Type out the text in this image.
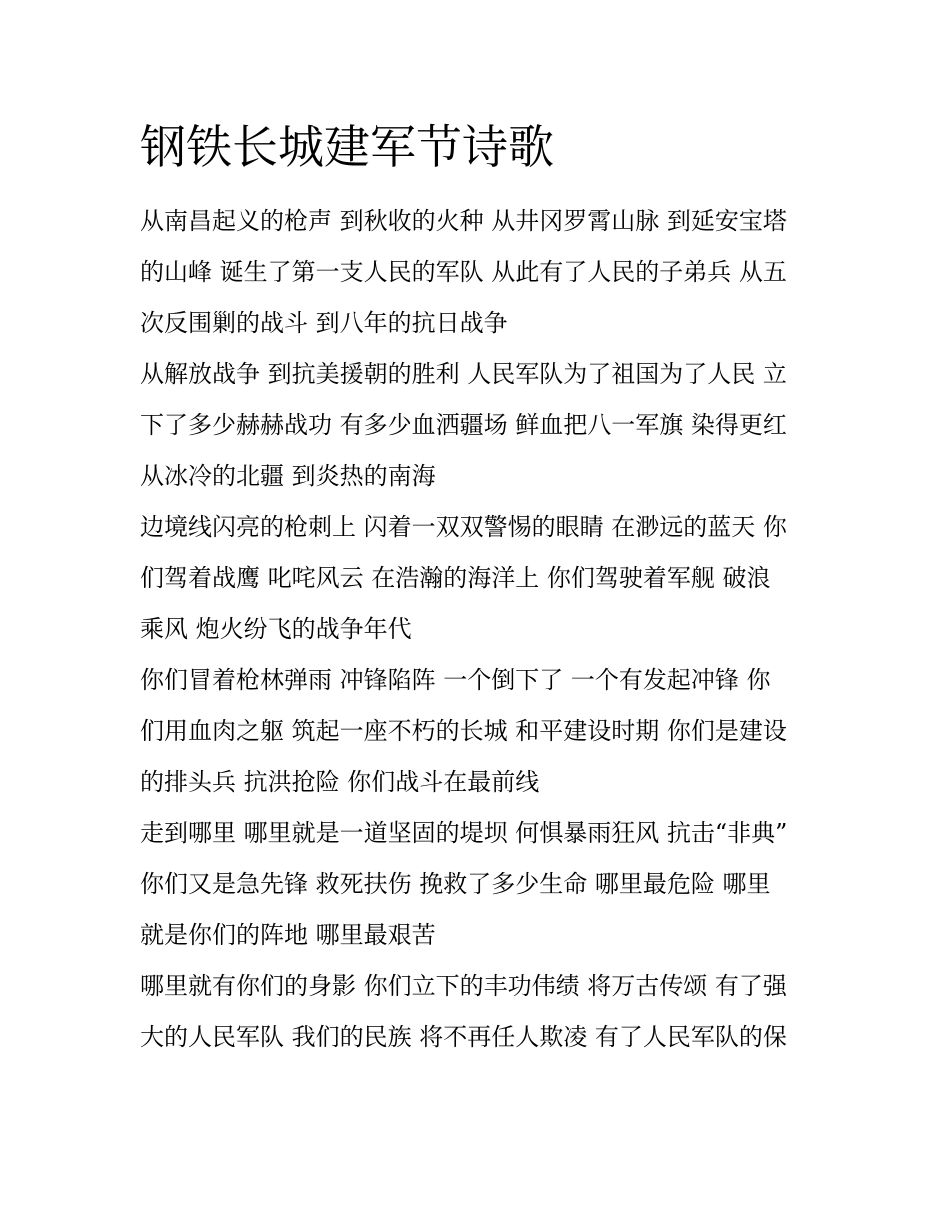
钢铁长城建军节诗歌
从南昌起义的枪声 到秋收的火种 从井冈罗霄山脉 到延安宝塔
的山峰 诞生了第一支人民的军队 从此有了人民的子弟兵 从五
次反围剿的战斗 到八年的抗日战争
从解放战争 到抗美援朝的胜利 人民军队为了祖国为了人民 立
下了多少赫赫战功 有多少血洒疆场 鲜血把八一军旗 染得更红
从冰冷的北疆 到炎热的南海
边境线闪亮的枪刺上 闪着一双双警惕的眼睛 在渺远的蓝天 你
们驾着战鹰 叱咤风云 在浩瀚的海洋上 你们驾驶着军舰 破浪
乘风 炮火纷飞的战争年代
你们冒着枪林弹雨 冲锋陷阵 一个倒下了 一个有发起冲锋 你
们用血肉之躯 筑起一座不朽的长城 和平建设时期 你们是建设
的排头兵 抗洪抢险 你们战斗在最前线
走到哪里 哪里就是一道坚固的堤坝 何惧暴雨狂风 抗击“非典”
你们又是急先锋 救死扶伤 挽救了多少生命 哪里最危险 哪里
就是你们的阵地 哪里最艰苦
哪里就有你们的身影 你们立下的丰功伟绩 将万古传颂 有了强
大的人民军队 我们的民族 将不再任人欺凌 有了人民军队的保
